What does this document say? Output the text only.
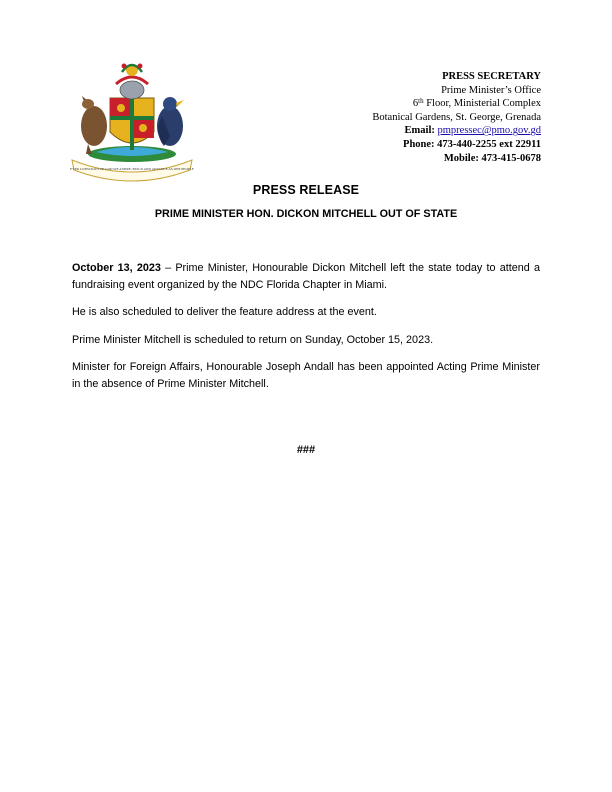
EVER CONSCIOUS OF GOD WE ASPIRE, BUILD AND ADVANCE AS ONE PEOPLE
PRESS SECRETARY
Prime Minister’s Office
6th Floor, Ministerial Complex
Botanical Gardens, St. George, Grenada
Email: pmpressec@pmo.gov.gd
Phone: 473-440-2255 ext 22911
Mobile: 473-415-0678
PRESS RELEASE
PRIME MINISTER HON. DICKON MITCHELL OUT OF STATE

October 13, 2023 – Prime Minister, Honourable Dickon Mitchell left the state today to attend a fundraising event organized by the NDC Florida Chapter in Miami.

He is also scheduled to deliver the feature address at the event.

Prime Minister Mitchell is scheduled to return on Sunday, October 15, 2023.

Minister for Foreign Affairs, Honourable Joseph Andall has been appointed Acting Prime Minister in the absence of Prime Minister Mitchell.

###
